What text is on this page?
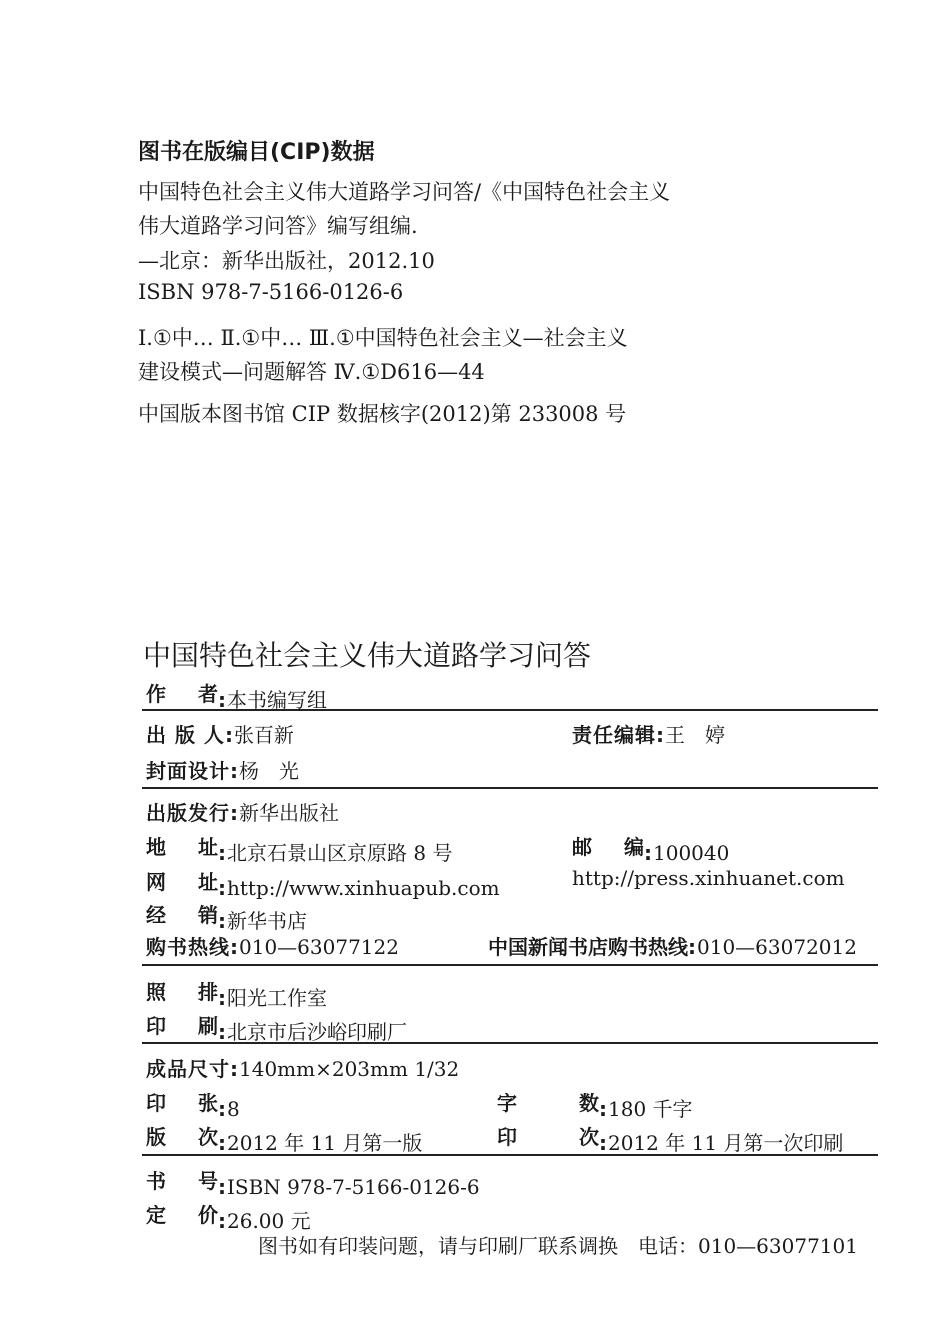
图书在版编目(CIP)数据
中国特色社会主义伟大道路学习问答/《中国特色社会主义
伟大道路学习问答》编写组编.
—北京：新华出版社，2012.10
ISBN 978-7-5166-0126-6
Ⅰ.①中… Ⅱ.①中… Ⅲ.①中国特色社会主义—社会主义
建设模式—问题解答 Ⅳ.①D616—44
中国版本图书馆 CIP 数据核字(2012)第 233008 号
中国特色社会主义伟大道路学习问答
作 者 :本书编写组
出 版 人:张百新	责任编辑:王　婷
封面设计:杨　光
出版发行:新华出版社
地 址 :北京石景山区京原路 8 号	邮 编 :100040
网 址 :http://www.xinhuapub.com	http://press.xinhuanet.com
经 销 :新华书店
购书热线:010—63077122	中国新闻书店购书热线:010—63072012
照 排 :阳光工作室
印 刷 :北京市后沙峪印刷厂
成品尺寸:140mm×203mm 1/32
印 张 :8	字	数 :180 千字
版 次 :2012 年 11 月第一版	印	次 :2012 年 11 月第一次印刷
书 号 :ISBN 978-7-5166-0126-6
定 价 :26.00 元
图书如有印装问题，请与印刷厂联系调换　电话：010—63077101
